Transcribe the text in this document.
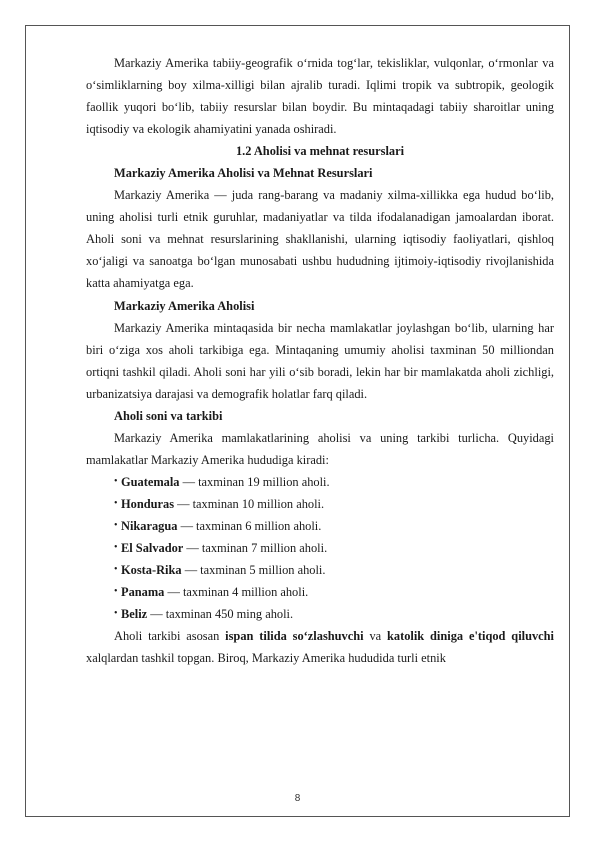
Markaziy Amerika tabiiy-geografik o‘rnida tog‘lar, tekisliklar, vulqonlar, o‘rmonlar va o‘simliklarning boy xilma-xilligi bilan ajralib turadi. Iqlimi tropik va subtropik, geologik faollik yuqori bo‘lib, tabiiy resurslar bilan boydir. Bu mintaqadagi tabiiy sharoitlar uning iqtisodiy va ekologik ahamiyatini yanada oshiradi.

1.2 Aholisi va mehnat resurslari

Markaziy Amerika Aholisi va Mehnat Resurslari

Markaziy Amerika — juda rang-barang va madaniy xilma-xillikka ega hudud bo‘lib, uning aholisi turli etnik guruhlar, madaniyatlar va tilda ifodalanadigan jamoalardan iborat. Aholi soni va mehnat resurslarining shakllanishi, ularning iqtisodiy faoliyatlari, qishloq xo‘jaligi va sanoatga bo‘lgan munosabati ushbu hududning ijtimoiy-iqtisodiy rivojlanishida katta ahamiyatga ega.

Markaziy Amerika Aholisi

Markaziy Amerika mintaqasida bir necha mamlakatlar joylashgan bo‘lib, ularning har biri o‘ziga xos aholi tarkibiga ega. Mintaqaning umumiy aholisi taxminan 50 milliondan ortiqni tashkil qiladi. Aholi soni har yili o‘sib boradi, lekin har bir mamlakatda aholi zichligi, urbanizatsiya darajasi va demografik holatlar farq qiladi.

Aholi soni va tarkibi

Markaziy Amerika mamlakatlarining aholisi va uning tarkibi turlicha. Quyidagi mamlakatlar Markaziy Amerika hududiga kiradi:

• Guatemala — taxminan 19 million aholi.
• Honduras — taxminan 10 million aholi.
• Nikaragua — taxminan 6 million aholi.
• El Salvador — taxminan 7 million aholi.
• Kosta-Rika — taxminan 5 million aholi.
• Panama — taxminan 4 million aholi.
• Beliz — taxminan 450 ming aholi.

Aholi tarkibi asosan ispan tilida so‘zlashuvchi va katolik diniga e'tiqod qiluvchi xalqlardan tashkil topgan. Biroq, Markaziy Amerika hududida turli etnik

8
